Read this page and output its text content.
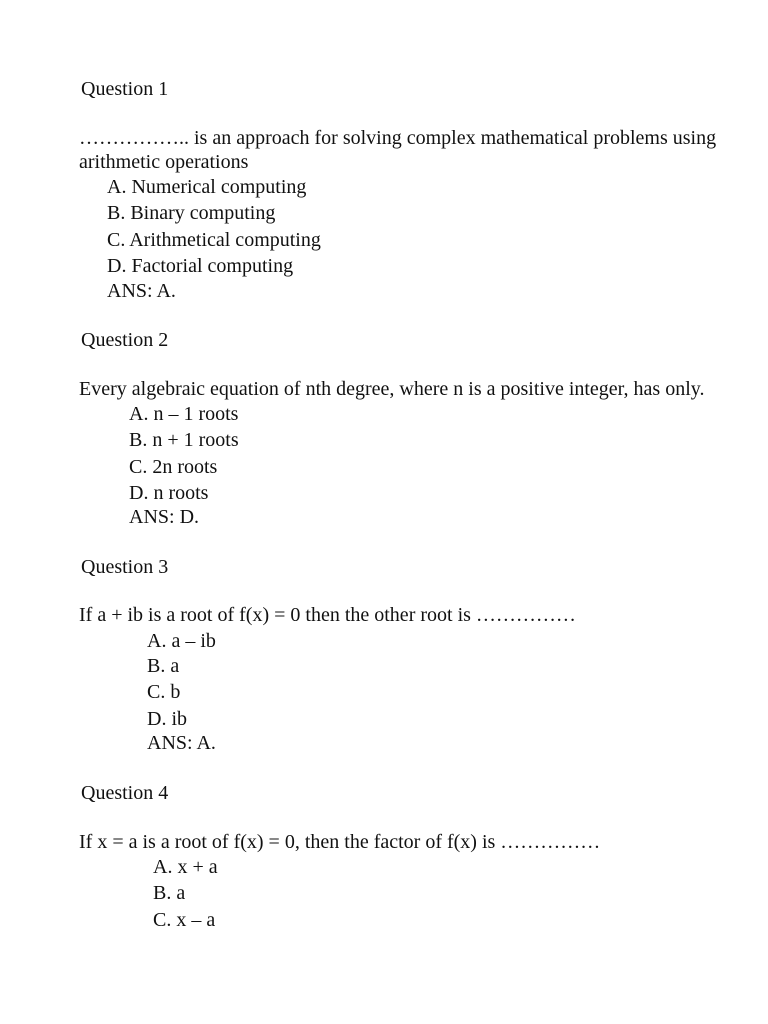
Question 1
…………….. is an approach for solving complex mathematical problems using
arithmetic operations
A. Numerical computing
B. Binary computing
C. Arithmetical computing
D. Factorial computing
ANS: A.
Question 2
Every algebraic equation of nth degree, where n is a positive integer, has only.
A. n – 1 roots
B. n + 1 roots
C. 2n roots
D. n roots
ANS: D.
Question 3
If a + ib is a root of f(x) = 0 then the other root is ……………
A. a – ib
B. a
C. b
D. ib
ANS: A.
Question 4
If x = a is a root of f(x) = 0, then the factor of f(x) is ……………
A. x + a
B. a
C. x – a
